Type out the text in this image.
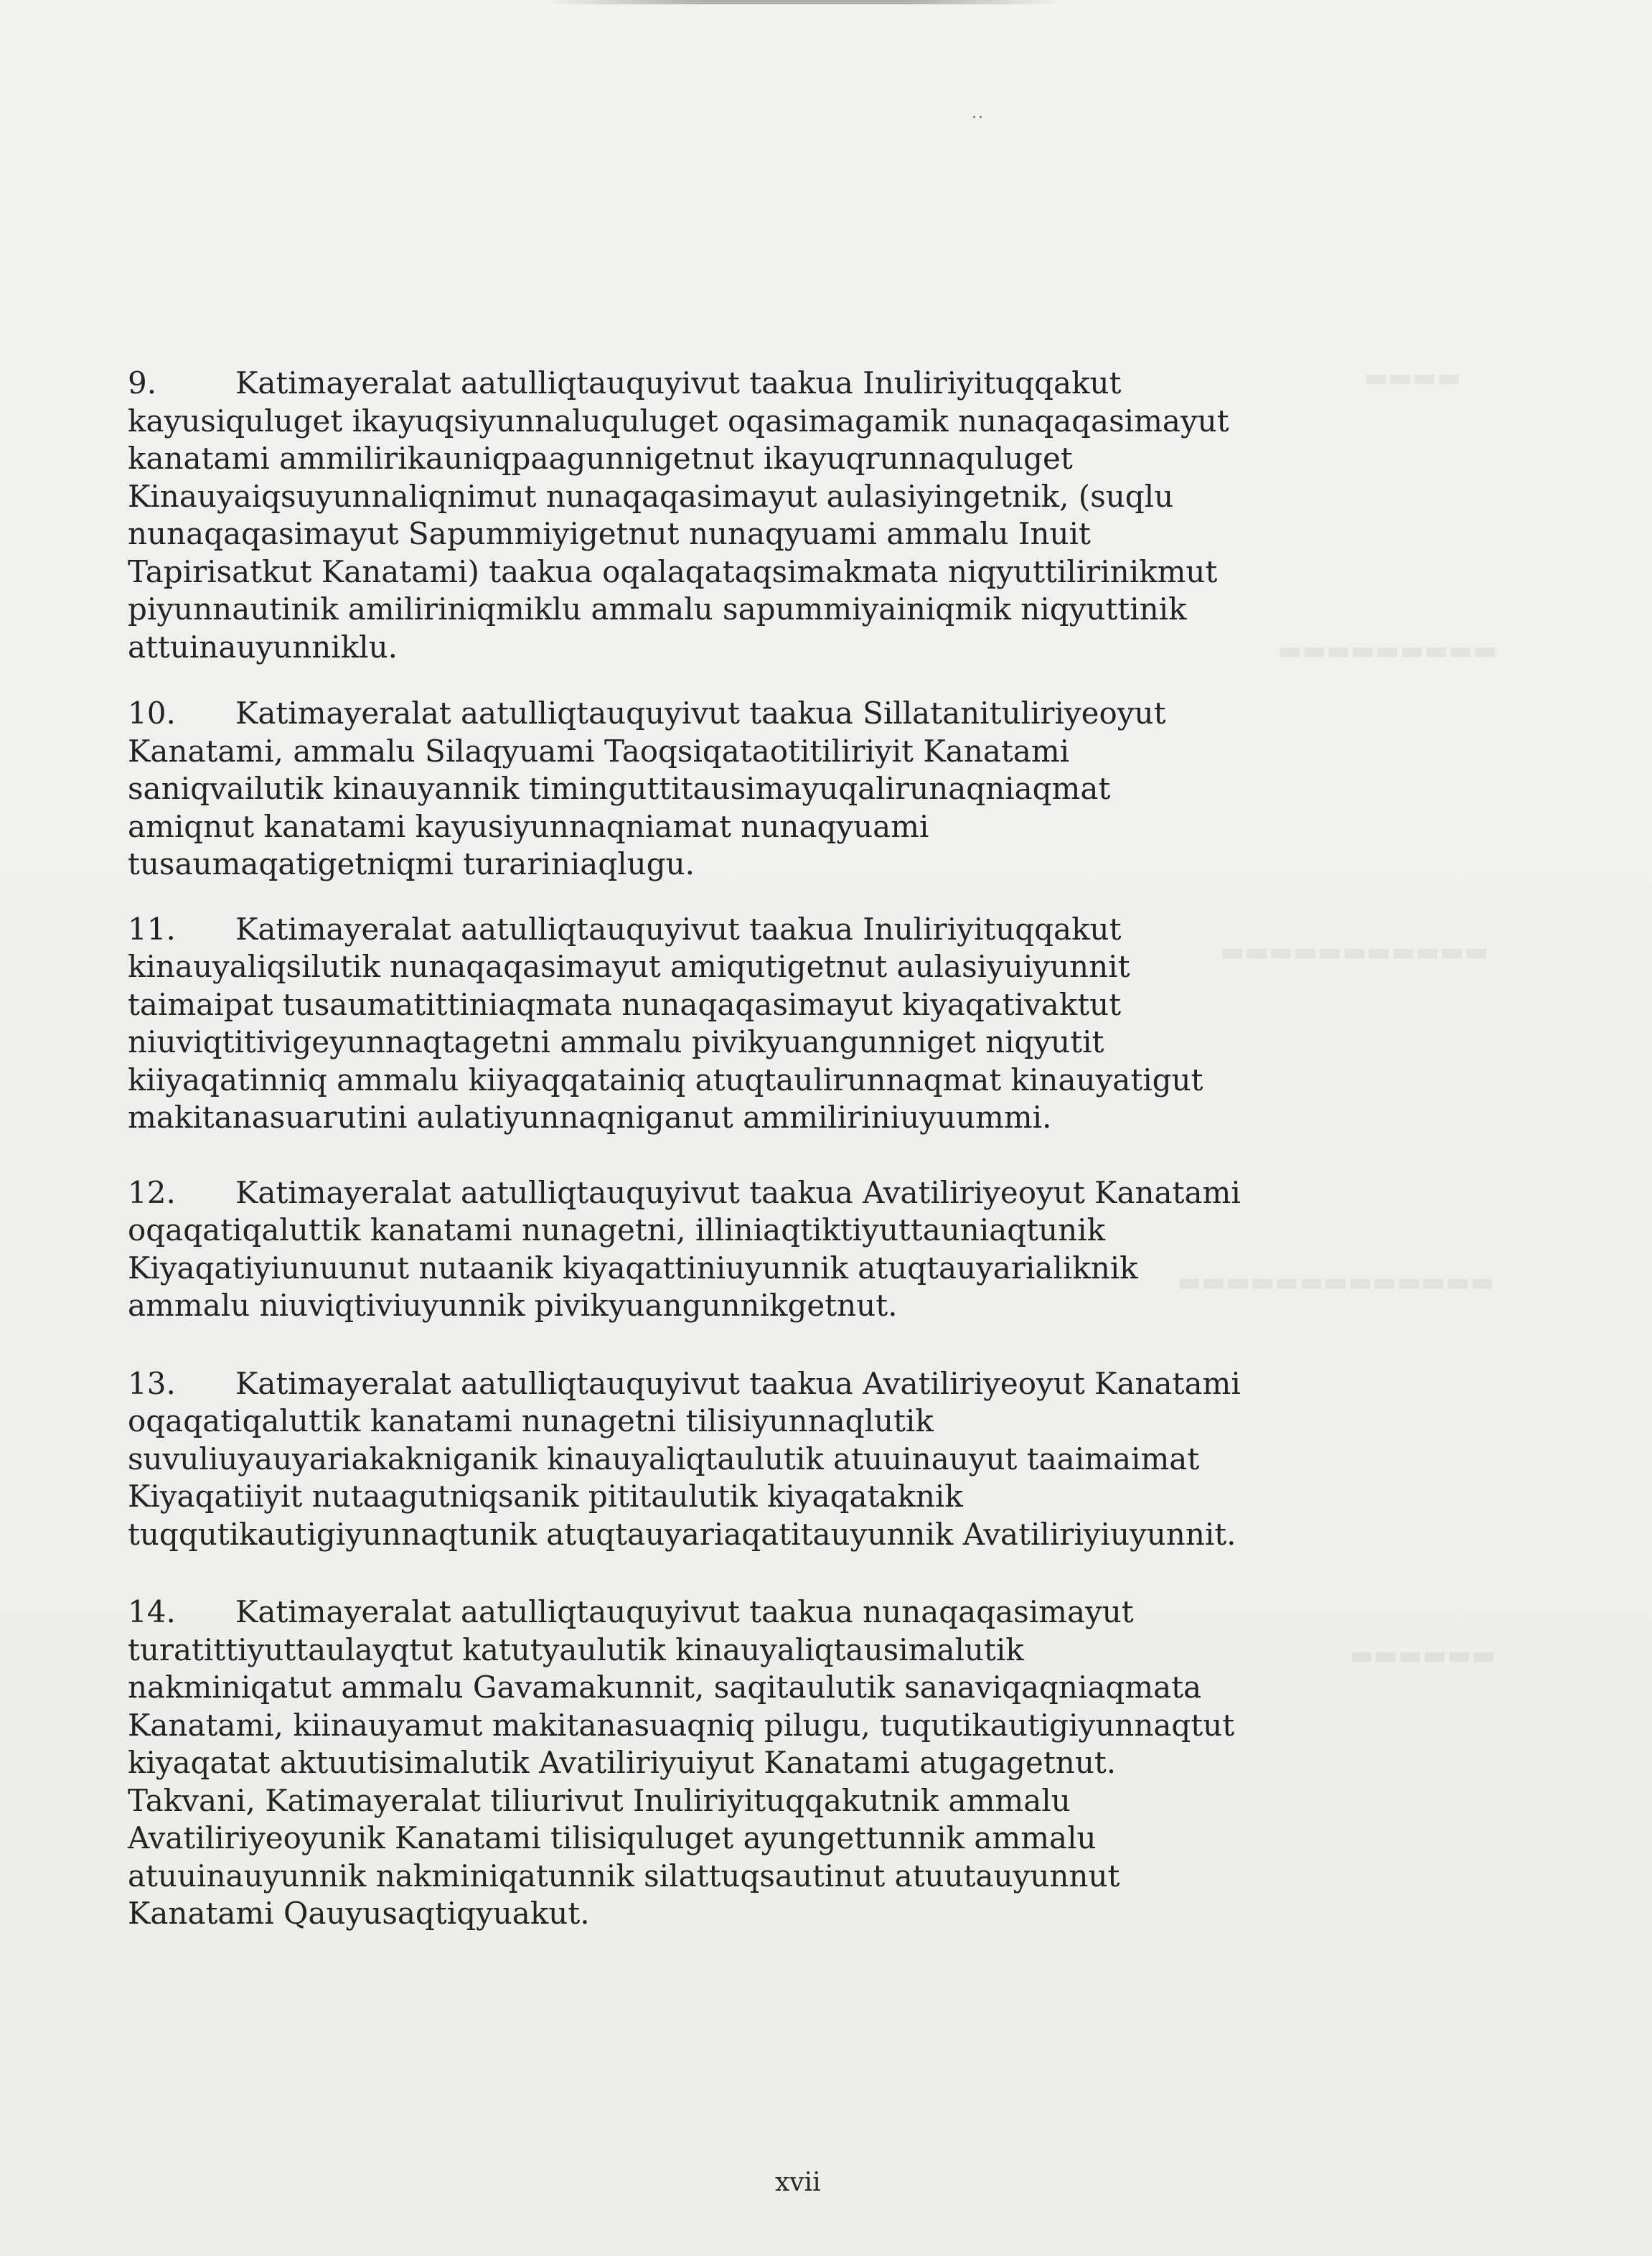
··
▬▬▬▬
▬▬▬▬▬▬▬▬▬
▬▬▬▬▬▬▬▬▬▬▬
▬▬▬▬▬▬▬▬▬▬▬▬▬
▬▬▬▬▬▬
9.	Katimayeralat aatulliqtauquyivut taakua Inuliriyituqqakut
kayusiquluget ikayuqsiyunnaluquluget oqasimagamik nunaqaqasimayut
kanatami ammilirikauniqpaagunnigetnut ikayuqrunnaquluget
Kinauyaiqsuyunnaliqnimut nunaqaqasimayut aulasiyingetnik, (suqlu
nunaqaqasimayut Sapummiyigetnut nunaqyuami ammalu Inuit
Tapirisatkut Kanatami) taakua oqalaqataqsimakmata niqyuttilirinikmut
piyunnautinik amiliriniqmiklu ammalu sapummiyainiqmik niqyuttinik
attuinauyunniklu.
10. Katimayeralat aatulliqtauquyivut taakua Sillatanituliriyeoyut
Kanatami, ammalu Silaqyuami Taoqsiqataotitiliriyit Kanatami
saniqvailutik kinauyannik timinguttitausimayuqalirunaqniaqmat
amiqnut kanatami kayusiyunnaqniamat nunaqyuami
tusaumaqatigetniqmi turariniaqlugu.
11. Katimayeralat aatulliqtauquyivut taakua Inuliriyituqqakut
kinauyaliqsilutik nunaqaqasimayut amiqutigetnut aulasiyuiyunnit
taimaipat tusaumatittiniaqmata nunaqaqasimayut kiyaqativaktut
niuviqtitivigeyunnaqtagetni ammalu pivikyuangunniget niqyutit
kiiyaqatinniq ammalu kiiyaqqatainiq atuqtaulirunnaqmat kinauyatigut
makitanasuarutini aulatiyunnaqniganut ammiliriniuyuummi.
12. Katimayeralat aatulliqtauquyivut taakua Avatiliriyeoyut Kanatami
oqaqatiqaluttik kanatami nunagetni, illiniaqtiktiyuttauniaqtunik
Kiyaqatiyiunuunut nutaanik kiyaqattiniuyunnik atuqtauyarialiknik
ammalu niuviqtiviuyunnik pivikyuangunnikgetnut.
13. Katimayeralat aatulliqtauquyivut taakua Avatiliriyeoyut Kanatami
oqaqatiqaluttik kanatami nunagetni tilisiyunnaqlutik
suvuliuyauyariakakniganik kinauyaliqtaulutik atuuinauyut taaimaimat
Kiyaqatiiyit nutaagutniqsanik pititaulutik kiyaqataknik
tuqqutikautigiyunnaqtunik atuqtauyariaqatitauyunnik Avatiliriyiuyunnit.
14. Katimayeralat aatulliqtauquyivut taakua nunaqaqasimayut
turatittiyuttaulayqtut katutyaulutik kinauyaliqtausimalutik
nakminiqatut ammalu Gavamakunnit, saqitaulutik sanaviqaqniaqmata
Kanatami, kiinauyamut makitanasuaqniq pilugu, tuqutikautigiyunnaqtut
kiyaqatat aktuutisimalutik Avatiliriyuiyut Kanatami atugagetnut.
Takvani, Katimayeralat tiliurivut Inuliriyituqqakutnik ammalu
Avatiliriyeoyunik Kanatami tilisiquluget ayungettunnik ammalu
atuuinauyunnik nakminiqatunnik silattuqsautinut atuutauyunnut
Kanatami Qauyusaqtiqyuakut.
xvii
